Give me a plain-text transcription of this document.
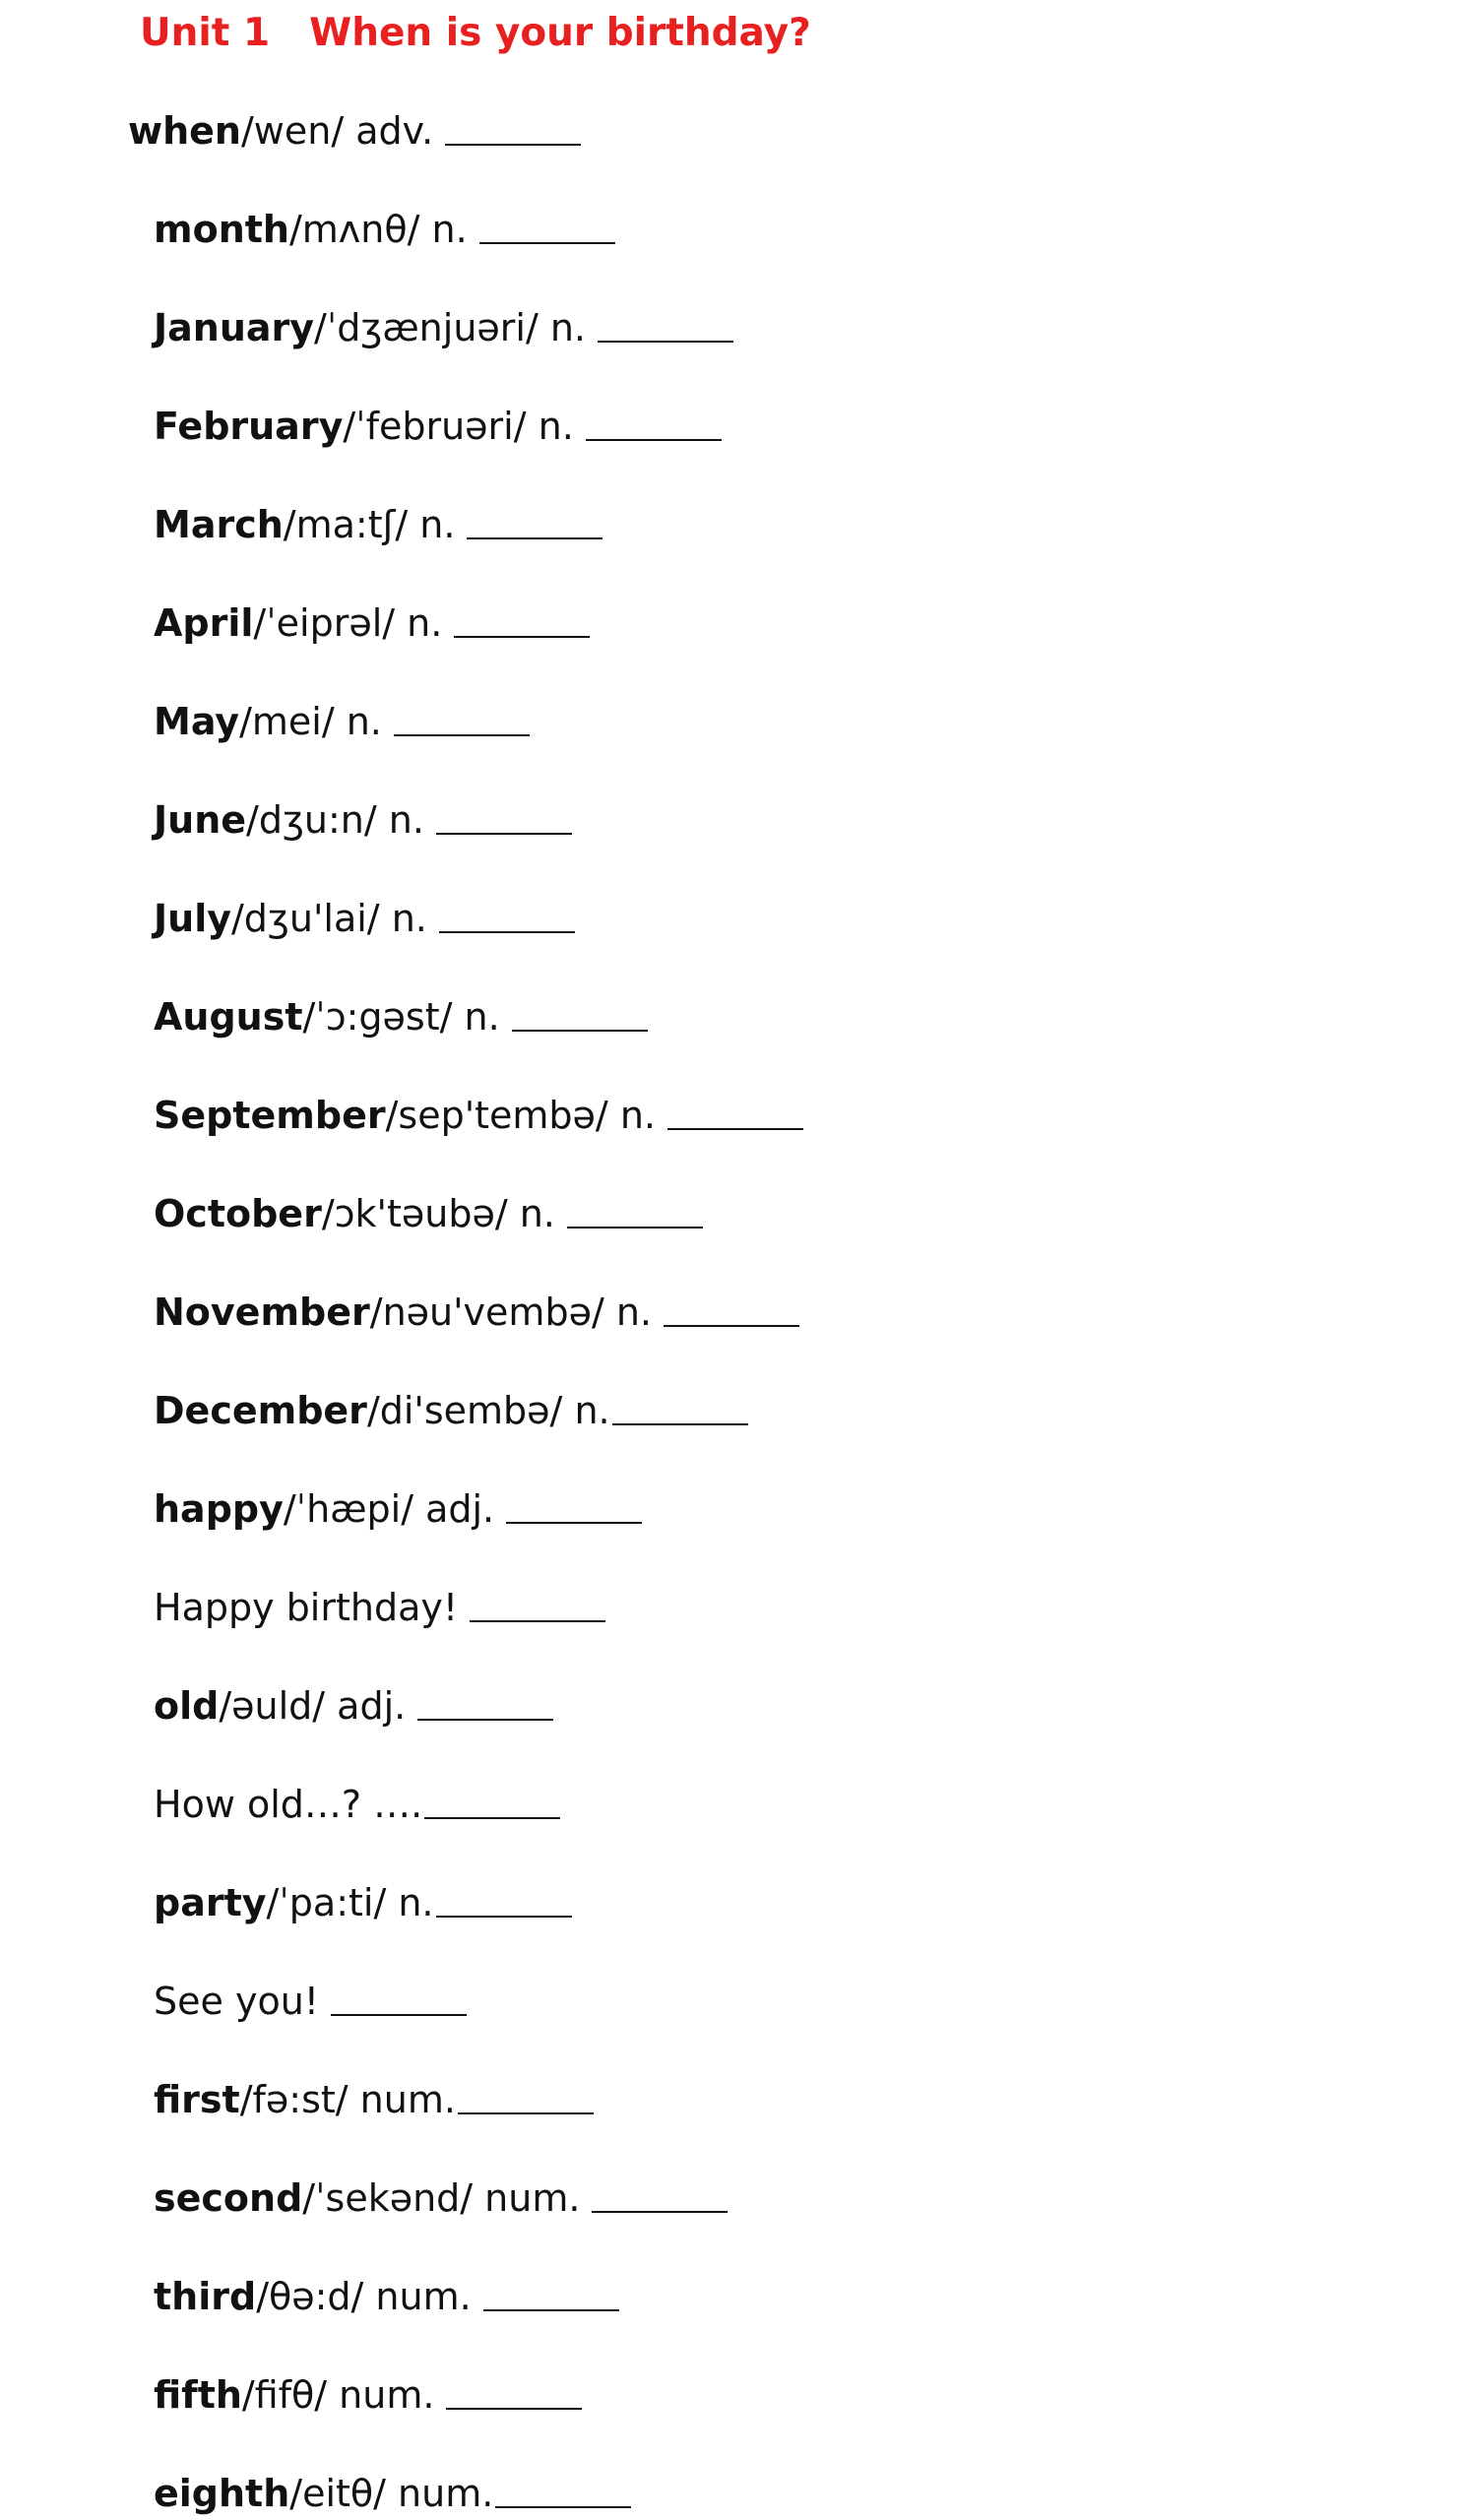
Unit 1 When is your birthday?
when /wen/ adv.
month /mʌnθ/ n.
January /ˈdʒænjuəri/ n.
February /ˈfebruəri/ n.
March /ma:tʃ/ n.
April /ˈeiprəl/ n.
May /mei/ n.
June /dʒu:n/ n.
July /dʒu'lai/ n.
August /ˈɔ:gəst/ n.
September /sep'tembə/ n.
October /ɔk'təubə/ n.
November /nəu'vembə/ n.
December /di'sembə/ n.
happy /ˈhæpi/ adj.
Happy birthday!
old /əuld/ adj.
How old…? ….
party /ˈpa:ti/ n.
See you!
first /fə:st/ num.
second /ˈsekənd/ num.
third /θə:d/ num.
fifth /fifθ/ num.
eighth /eitθ/ num.
